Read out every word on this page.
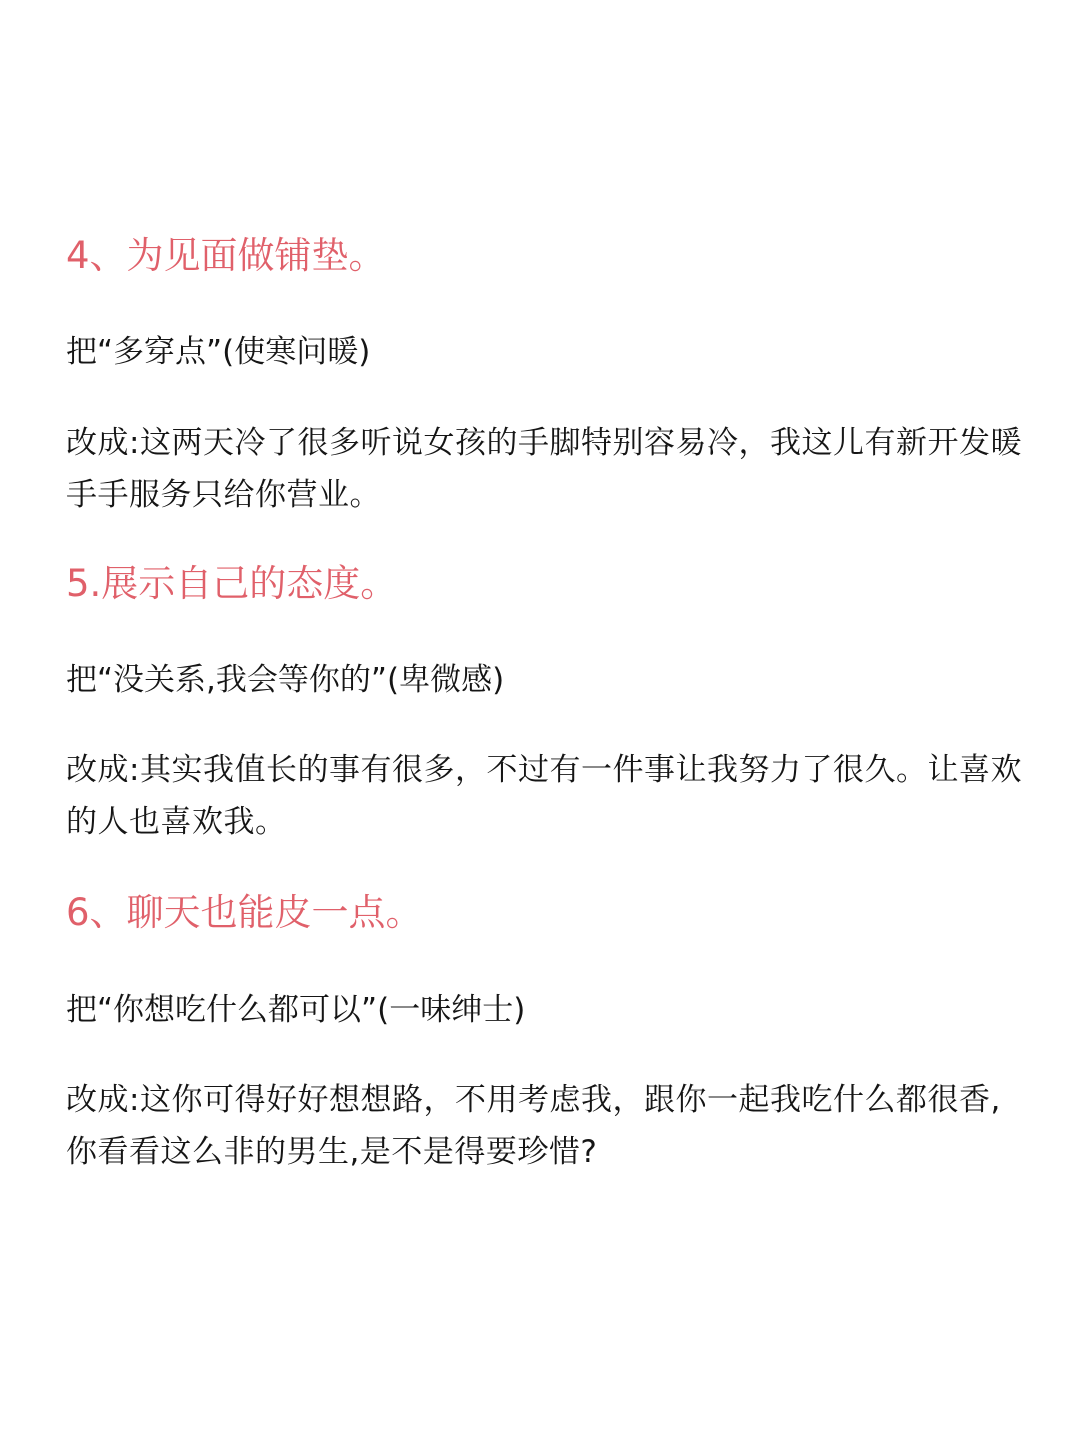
4、为见面做铺垫。

把“多穿点”(使寒问暖)

改成:这两天冷了很多听说女孩的手脚特别容易冷，我这儿有新开发暖手手服务只给你营业。

5.展示自己的态度。

把“没关系,我会等你的”(卑微感)

改成:其实我值长的事有很多，不过有一件事让我努力了很久。让喜欢的人也喜欢我。

6、聊天也能皮一点。

把“你想吃什么都可以”(一味绅士)

改成:这你可得好好想想路，不用考虑我，跟你一起我吃什么都很香,你看看这么非的男生,是不是得要珍惜?
